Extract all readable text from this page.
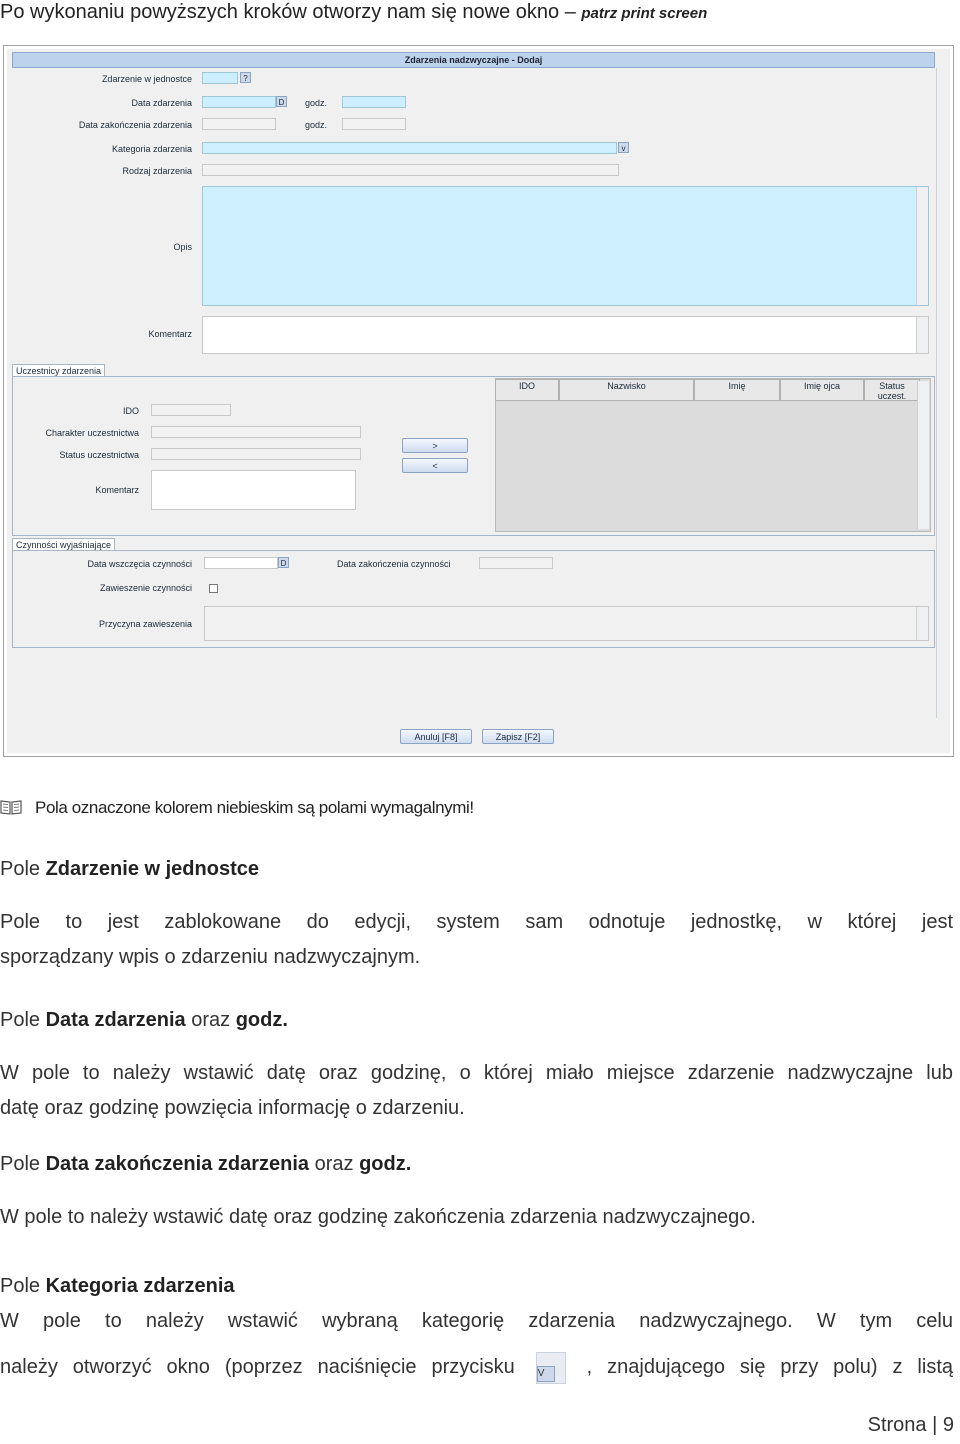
Po wykonaniu powyższych kroków otworzy nam się nowe okno – patrz print screen
Zdarzenia nadzwyczajne - Dodaj
Zdarzenie w jednostce	?
Data zdarzenia	D godz.
Data zakończenia zdarzenia	godz.
Kategoria zdarzenia	v
Rodzaj zdarzenia
Opis
Komentarz
Uczestnicy zdarzenia
IDO
Charakter uczestnictwa
Status uczestnictwa
Komentarz
>
<
IDO	Nazwisko	Imię	Imię ojca	Status uczest.
Czynności wyjaśniające
Data wszczęcia czynności	D	Data zakończenia czynności
Zawieszenie czynności
Przyczyna zawieszenia
Anuluj [F8]	Zapisz [F2]
Pola oznaczone kolorem niebieskim są polami wymagalnymi!
Pole Zdarzenie w jednostce
Pole to jest zablokowane do edycji, system sam odnotuje jednostkę, w której jest
sporządzany wpis o zdarzeniu nadzwyczajnym.
Pole Data zdarzenia oraz godz.
W pole to należy wstawić datę oraz godzinę, o której miało miejsce zdarzenie nadzwyczajne lub
datę oraz godzinę powzięcia informację o zdarzeniu.
Pole Data zakończenia zdarzenia oraz godz.
W pole to należy wstawić datę oraz godzinę zakończenia zdarzenia nadzwyczajnego.
Pole Kategoria zdarzenia
W pole to należy wstawić wybraną kategorię zdarzenia nadzwyczajnego. W tym celu
należy otworzyć okno (poprzez naciśnięcie przycisku V , znajdującego się przy polu) z listą
Strona | 9
